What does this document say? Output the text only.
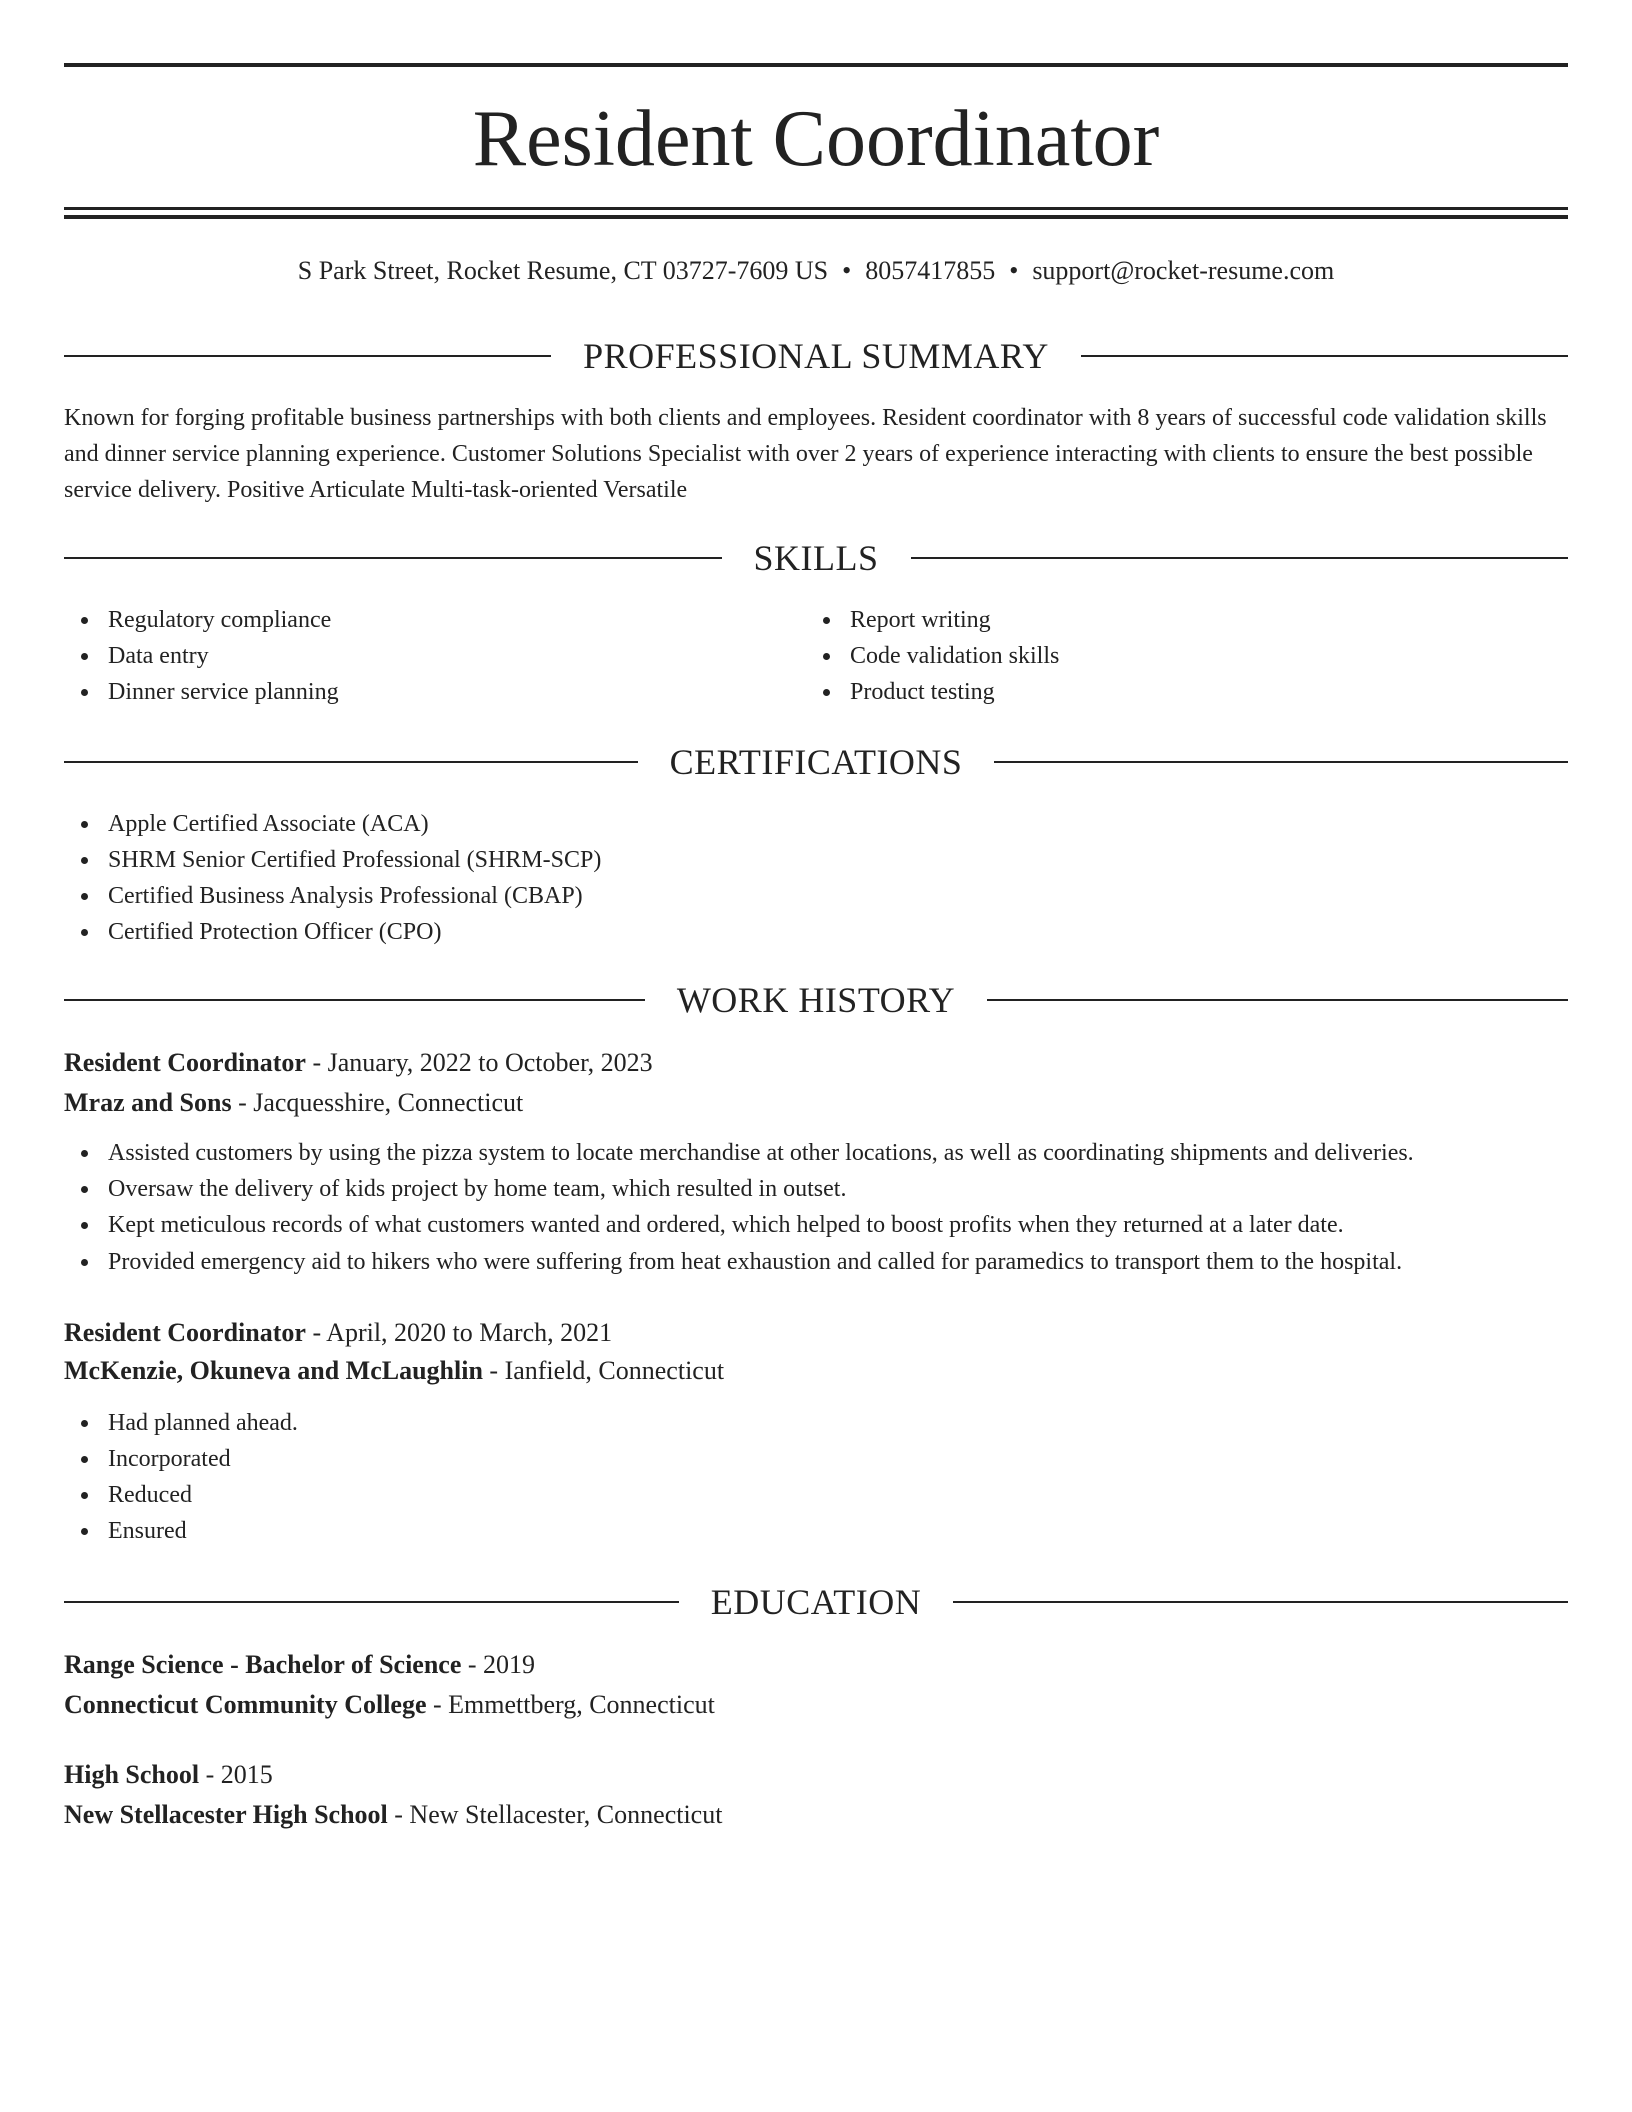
Resident Coordinator
S Park Street, Rocket Resume, CT 03727-7609 US • 8057417855 • support@rocket-resume.com
PROFESSIONAL SUMMARY
Known for forging profitable business partnerships with both clients and employees. Resident coordinator with 8 years of successful code validation skills and dinner service planning experience. Customer Solutions Specialist with over 2 years of experience interacting with clients to ensure the best possible service delivery. Positive Articulate Multi-task-oriented Versatile
SKILLS
Regulatory compliance
Data entry
Dinner service planning
Report writing
Code validation skills
Product testing
CERTIFICATIONS
Apple Certified Associate (ACA)
SHRM Senior Certified Professional (SHRM-SCP)
Certified Business Analysis Professional (CBAP)
Certified Protection Officer (CPO)
WORK HISTORY
Resident Coordinator - January, 2022 to October, 2023
Mraz and Sons - Jacquesshire, Connecticut
Assisted customers by using the pizza system to locate merchandise at other locations, as well as coordinating shipments and deliveries.
Oversaw the delivery of kids project by home team, which resulted in outset.
Kept meticulous records of what customers wanted and ordered, which helped to boost profits when they returned at a later date.
Provided emergency aid to hikers who were suffering from heat exhaustion and called for paramedics to transport them to the hospital.
Resident Coordinator - April, 2020 to March, 2021
McKenzie, Okuneva and McLaughlin - Ianfield, Connecticut
Had planned ahead.
Incorporated
Reduced
Ensured
EDUCATION
Range Science - Bachelor of Science - 2019
Connecticut Community College - Emmettberg, Connecticut
High School - 2015
New Stellacester High School - New Stellacester, Connecticut
